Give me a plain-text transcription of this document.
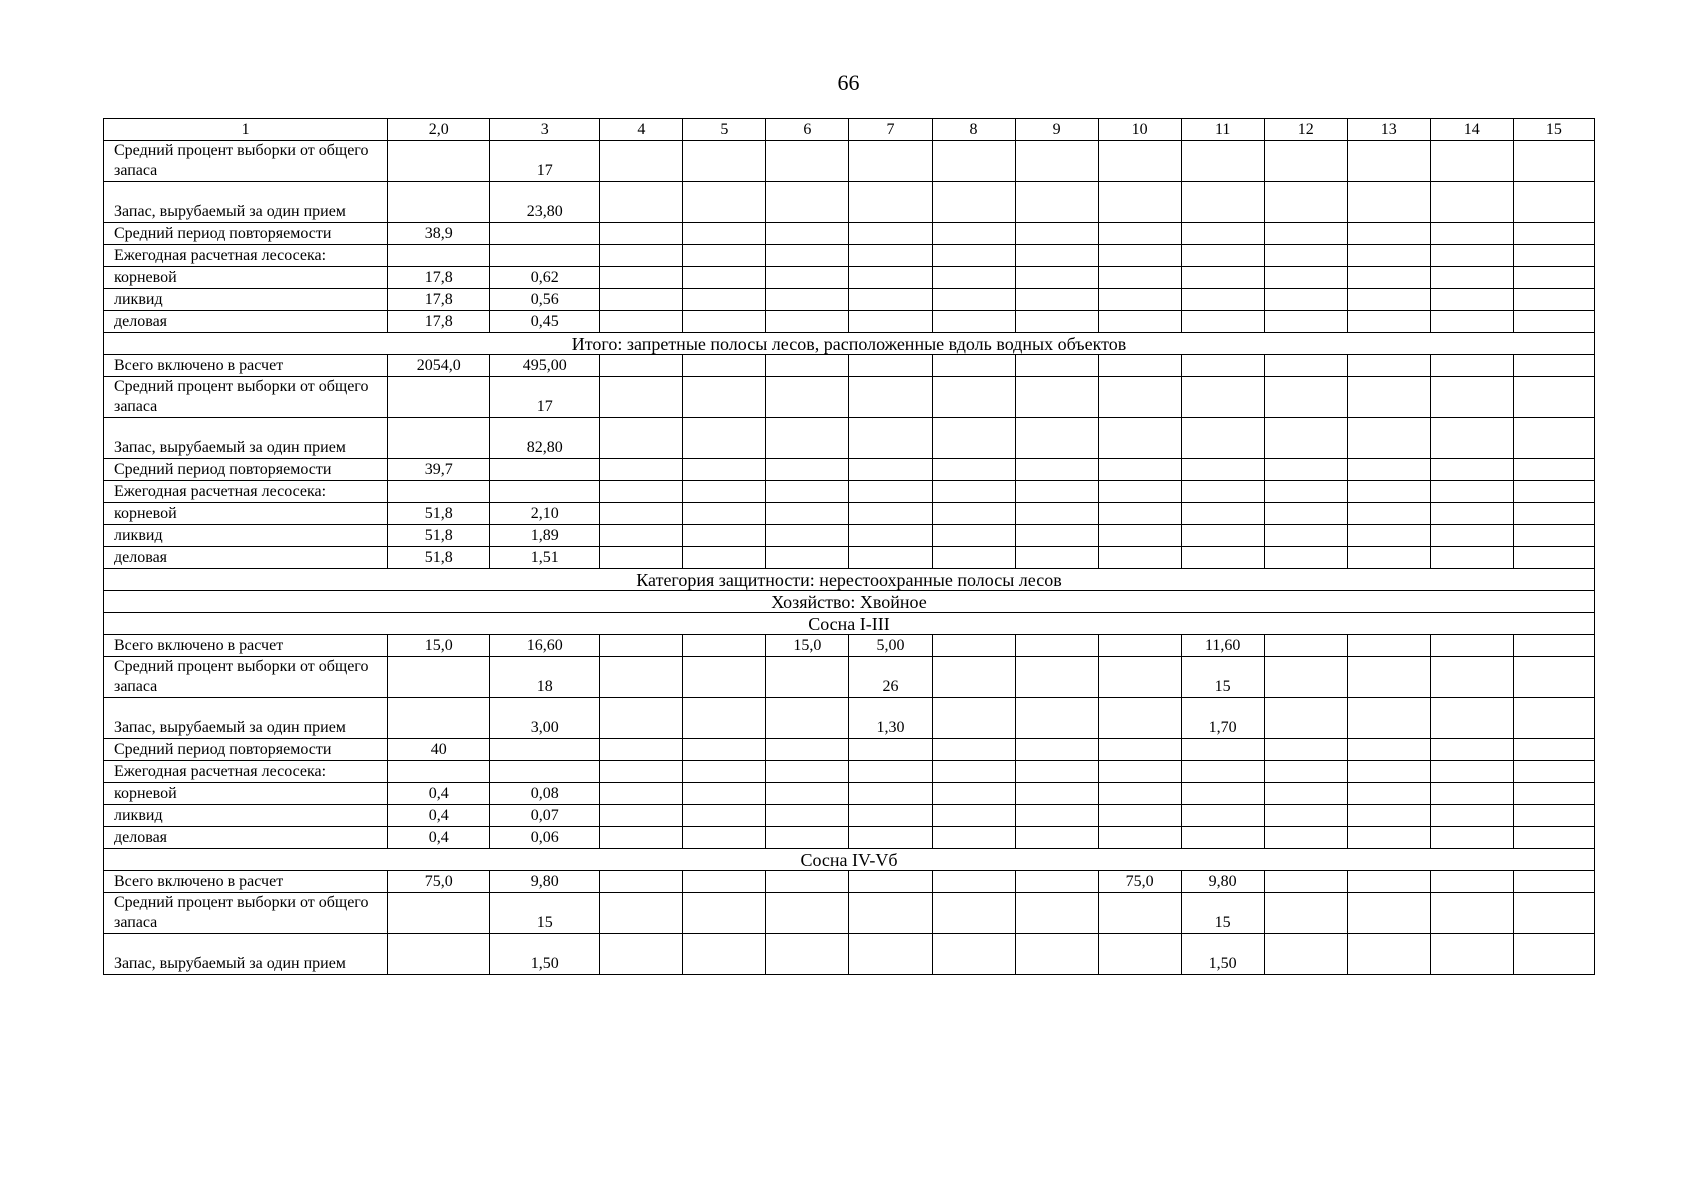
66
1	2,0	3	4	5	6	7	8	9	10	11	12	13	14	15
Средний процент выборки от общего запаса		17												
Запас, вырубаемый за один прием		23,80												
Средний период повторяемости	38,9													
Ежегодная расчетная лесосека:														
корневой	17,8	0,62												
ликвид	17,8	0,56												
деловая	17,8	0,45												
Итого: запретные полосы лесов, расположенные вдоль водных объектов														
Всего включено в расчет	2054,0	495,00												
Средний процент выборки от общего запаса		17												
Запас, вырубаемый за один прием		82,80												
Средний период повторяемости	39,7													
Ежегодная расчетная лесосека:														
корневой	51,8	2,10												
ликвид	51,8	1,89												
деловая	51,8	1,51												
Категория защитности: нерестоохранные полосы лесов														
Хозяйство: Хвойное														
Сосна I-III														
Всего включено в расчет	15,0	16,60			15,0	5,00				11,60				
Средний процент выборки от общего запаса		18				26				15				
Запас, вырубаемый за один прием		3,00				1,30				1,70				
Средний период повторяемости	40													
Ежегодная расчетная лесосека:														
корневой	0,4	0,08												
ликвид	0,4	0,07												
деловая	0,4	0,06												
Сосна IV-Vб														
Всего включено в расчет	75,0	9,80							75,0	9,80				
Средний процент выборки от общего запаса		15								15				
Запас, вырубаемый за один прием		1,50								1,50				
